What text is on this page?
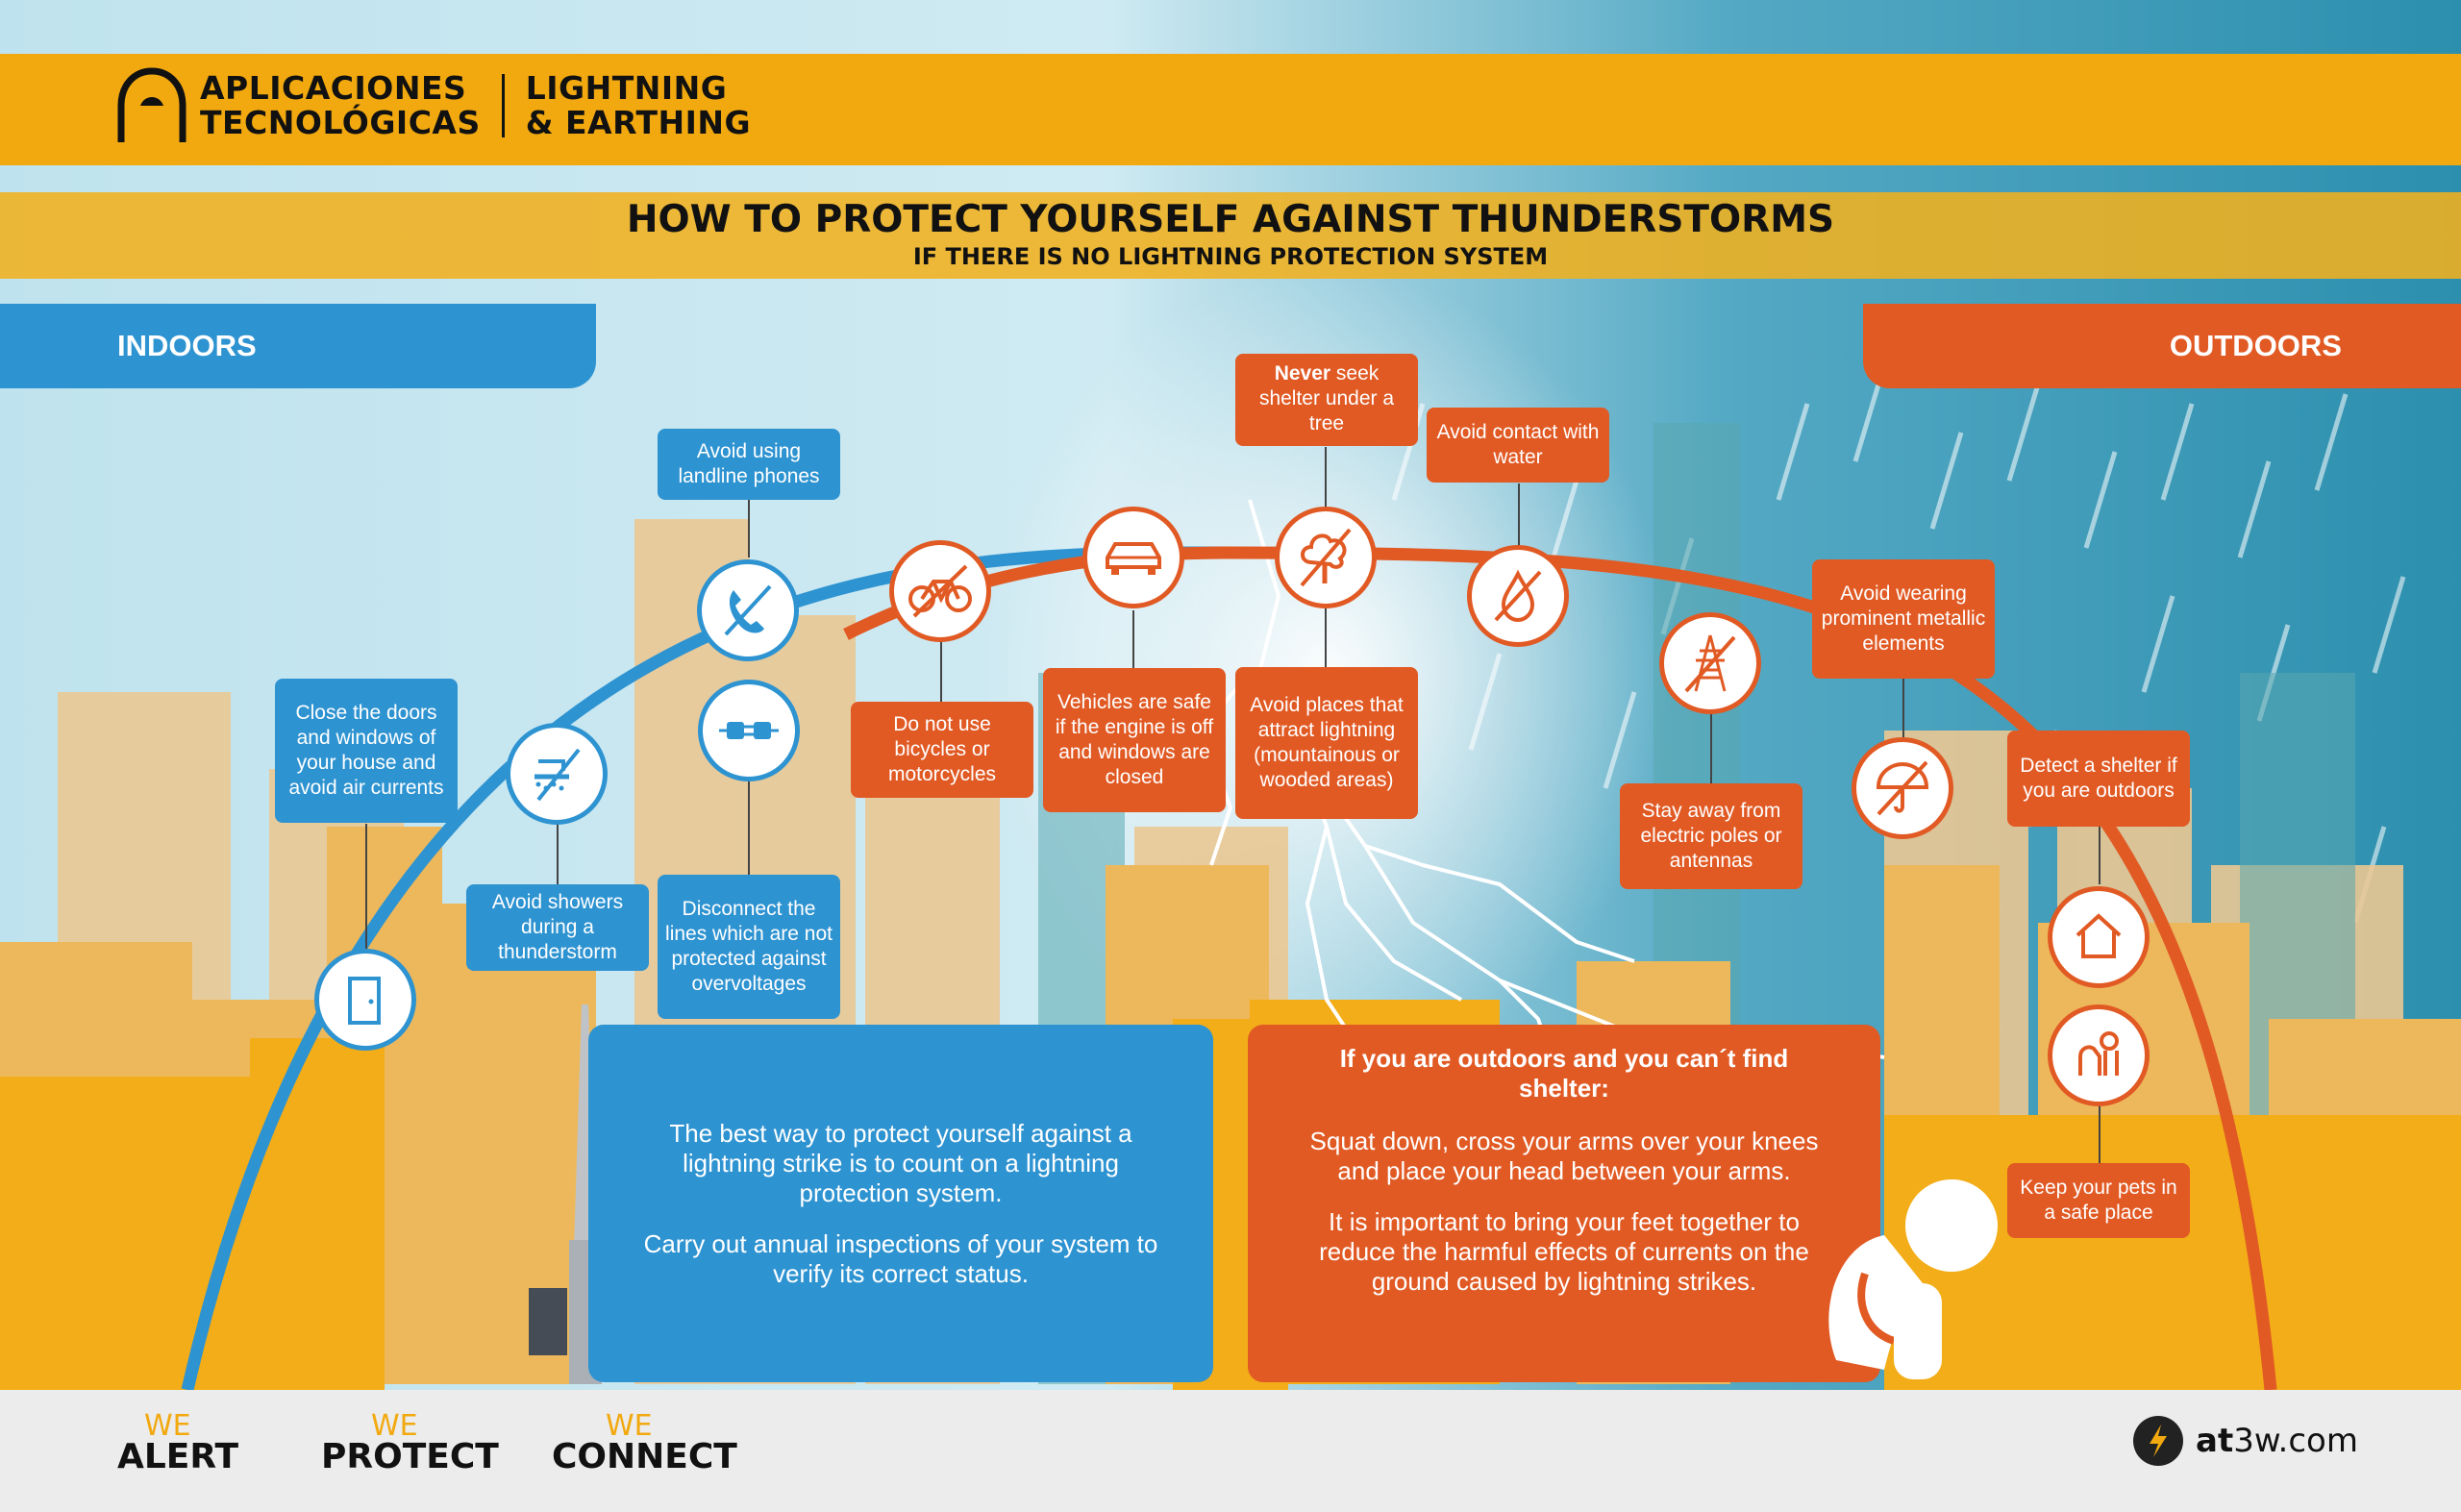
APLICACIONES
TECNOLÓGICAS
LIGHTNING
& EARTHING
HOW TO PROTECT YOURSELF AGAINST THUNDERSTORMS
IF THERE IS NO LIGHTNING PROTECTION SYSTEM
INDOORS	OUTDOORS
Close the doors and windows of your house and avoid air currents
Avoid showers during a thunderstorm
Avoid using landline phones
Disconnect the lines which are not protected against overvoltages
Do not use bicycles or motorcycles
Vehicles are safe if the engine is off and windows are closed
Never seek shelter under a tree
Avoid places that attract lightning (mountainous or wooded areas)
Avoid contact with water
Stay away from electric poles or antennas
Avoid wearing prominent metallic elements
Detect a shelter if you are outdoors
Keep your pets in a safe place

The best way to protect yourself against a lightning strike is to count on a lightning protection system.

Carry out annual inspections of your system to verify its correct status.

If you are outdoors and you can´t find shelter:

Squat down, cross your arms over your knees and place your head between your arms.

It is important to bring your feet together to reduce the harmful effects of currents on the ground caused by lightning strikes.

WE
ALERT
WE
PROTECT
WE
CONNECT	at3w.com
